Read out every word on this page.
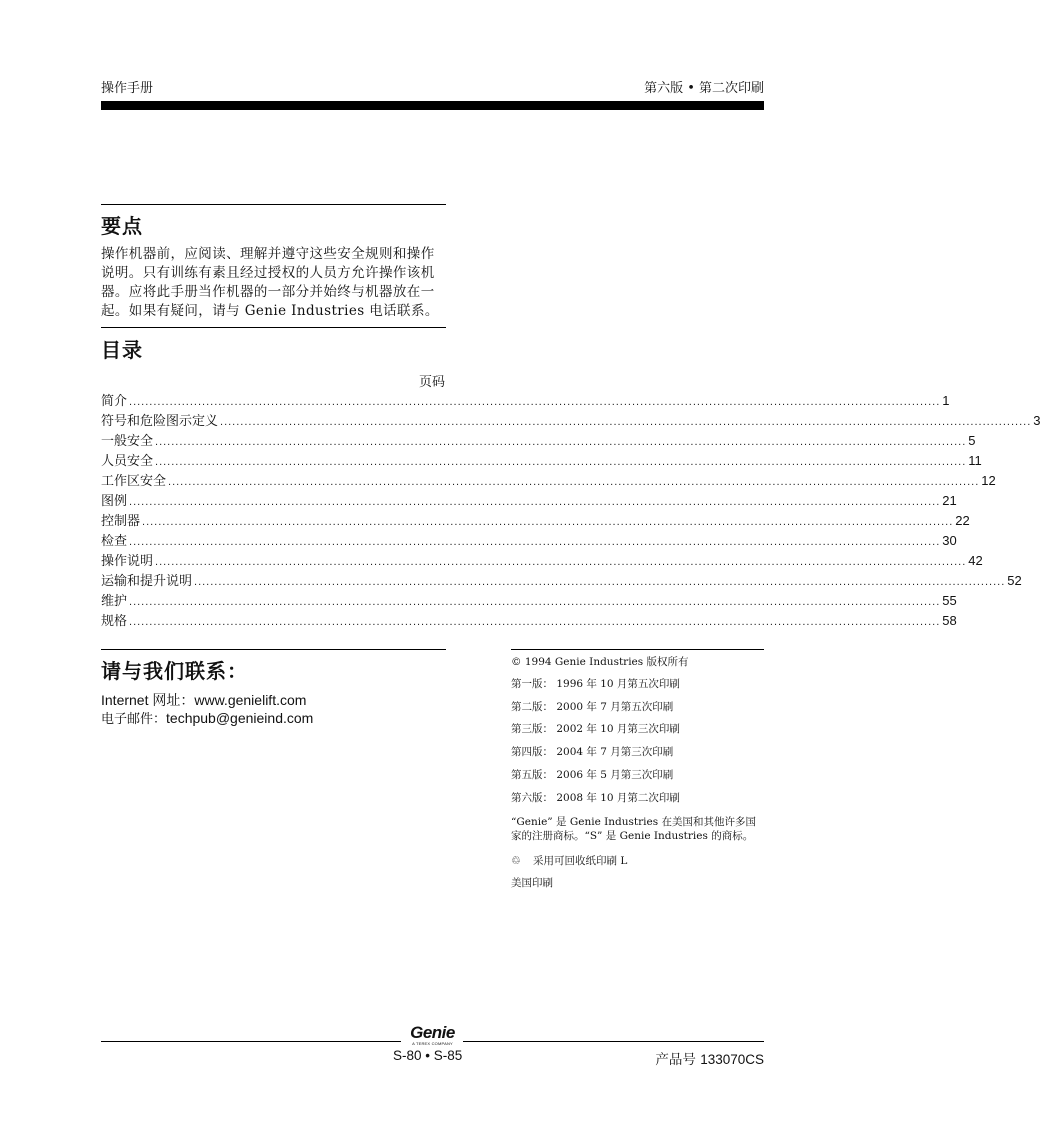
操作手册	第六版 • 第二次印刷
要点
操作机器前，应阅读、理解并遵守这些安全规则和操作说明。只有训练有素且经过授权的人员方允许操作该机器。应将此手册当作机器的一部分并始终与机器放在一起。如果有疑问，请与 Genie Industries 电话联系。
目录
页码
简介 ........................................................................................................................................................................................................ 1
符号和危险图示定义 ........................................................................................................................................................................................................ 3
一般安全 ........................................................................................................................................................................................................ 5
人员安全 ........................................................................................................................................................................................................ 11
工作区安全 ........................................................................................................................................................................................................ 12
图例 ........................................................................................................................................................................................................ 21
控制器 ........................................................................................................................................................................................................ 22
检查 ........................................................................................................................................................................................................ 30
操作说明 ........................................................................................................................................................................................................ 42
运输和提升说明 ........................................................................................................................................................................................................ 52
维护 ........................................................................................................................................................................................................ 55
规格 ........................................................................................................................................................................................................ 58
请与我们联系：
Internet 网址：www.genielift.com
电子邮件：techpub@genieind.com
© 1994 Genie Industries 版权所有
第一版： 1996 年 10 月第五次印刷
第二版： 2000 年 7 月第五次印刷
第三版： 2002 年 10 月第三次印刷
第四版： 2004 年 7 月第三次印刷
第五版： 2006 年 5 月第三次印刷
第六版： 2008 年 10 月第二次印刷
“Genie” 是 Genie Industries 在美国和其他许多国家的注册商标。“S” 是 Genie Industries 的商标。
♲ 采用可回收纸印刷 L
美国印刷
Genie
A TEREX COMPANY
S-80 • S-85	产品号 133070CS
